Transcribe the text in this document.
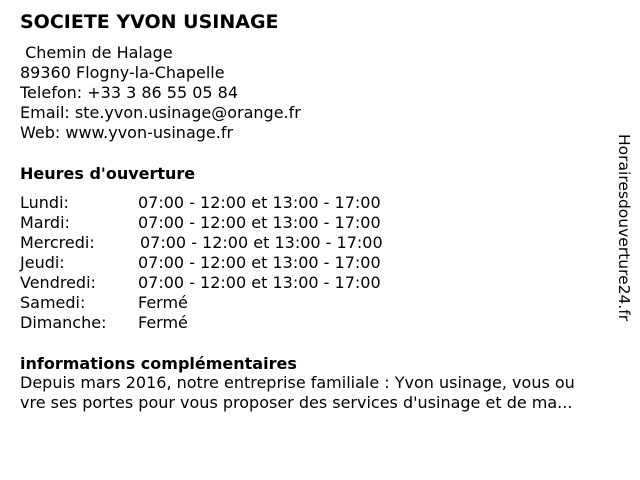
SOCIETE YVON USINAGE
Chemin de Halage
89360 Flogny-la-Chapelle
Telefon: +33 3 86 55 05 84
Email: ste.yvon.usinage@orange.fr
Web: www.yvon-usinage.fr
Heures d'ouverture
Lundi:	07:00 - 12:00 et 13:00 - 17:00
Mardi:	07:00 - 12:00 et 13:00 - 17:00
Mercredi:	07:00 - 12:00 et 13:00 - 17:00
Jeudi:	07:00 - 12:00 et 13:00 - 17:00
Vendredi:	07:00 - 12:00 et 13:00 - 17:00
Samedi:	Fermé
Dimanche: Fermé
informations complémentaires
Depuis mars 2016, notre entreprise familiale : Yvon usinage, vous ou
vre ses portes pour vous proposer des services d'usinage et de ma...
Horairesdouverture24.fr
